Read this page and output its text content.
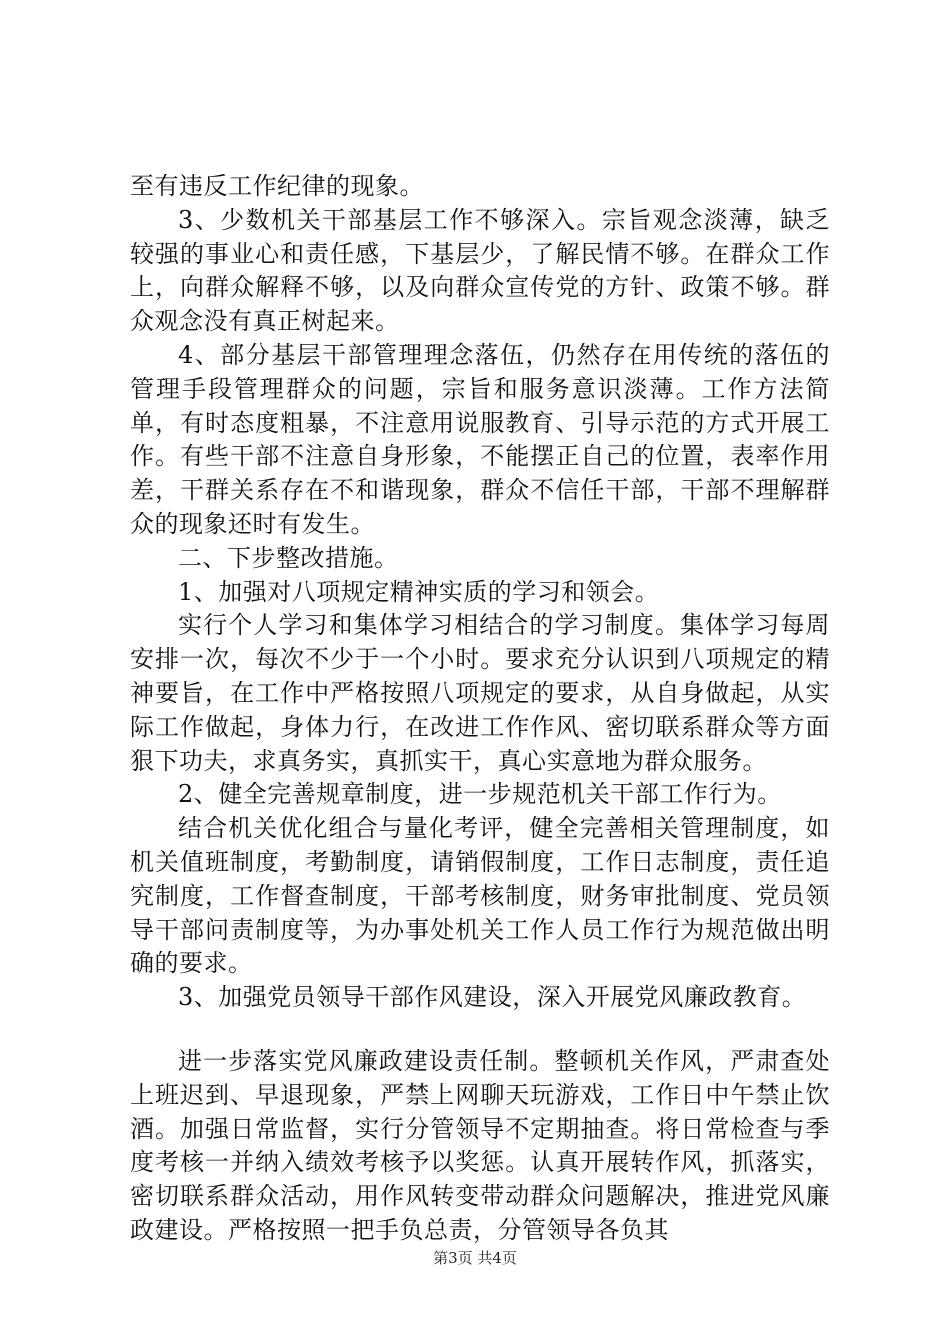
至有违反工作纪律的现象。

3、少数机关干部基层工作不够深入。宗旨观念淡薄，缺乏较强的事业心和责任感，下基层少，了解民情不够。在群众工作上，向群众解释不够，以及向群众宣传党的方针、政策不够。群众观念没有真正树起来。

4、部分基层干部管理理念落伍，仍然存在用传统的落伍的管理手段管理群众的问题，宗旨和服务意识淡薄。工作方法简单，有时态度粗暴，不注意用说服教育、引导示范的方式开展工作。有些干部不注意自身形象，不能摆正自己的位置，表率作用差，干群关系存在不和谐现象，群众不信任干部，干部不理解群众的现象还时有发生。

二、下步整改措施。

1、加强对八项规定精神实质的学习和领会。

实行个人学习和集体学习相结合的学习制度。集体学习每周安排一次，每次不少于一个小时。要求充分认识到八项规定的精神要旨，在工作中严格按照八项规定的要求，从自身做起，从实际工作做起，身体力行，在改进工作作风、密切联系群众等方面狠下功夫，求真务实，真抓实干，真心实意地为群众服务。

2、健全完善规章制度，进一步规范机关干部工作行为。

结合机关优化组合与量化考评，健全完善相关管理制度，如机关值班制度，考勤制度，请销假制度，工作日志制度，责任追究制度，工作督查制度，干部考核制度，财务审批制度、党员领导干部问责制度等，为办事处机关工作人员工作行为规范做出明确的要求。

3、加强党员领导干部作风建设，深入开展党风廉政教育。

进一步落实党风廉政建设责任制。整顿机关作风，严肃查处上班迟到、早退现象，严禁上网聊天玩游戏，工作日中午禁止饮酒。加强日常监督，实行分管领导不定期抽查。将日常检查与季度考核一并纳入绩效考核予以奖惩。认真开展转作风，抓落实，密切联系群众活动，用作风转变带动群众问题解决，推进党风廉政建设。严格按照一把手负总责，分管领导各负其

第3页 共4页
